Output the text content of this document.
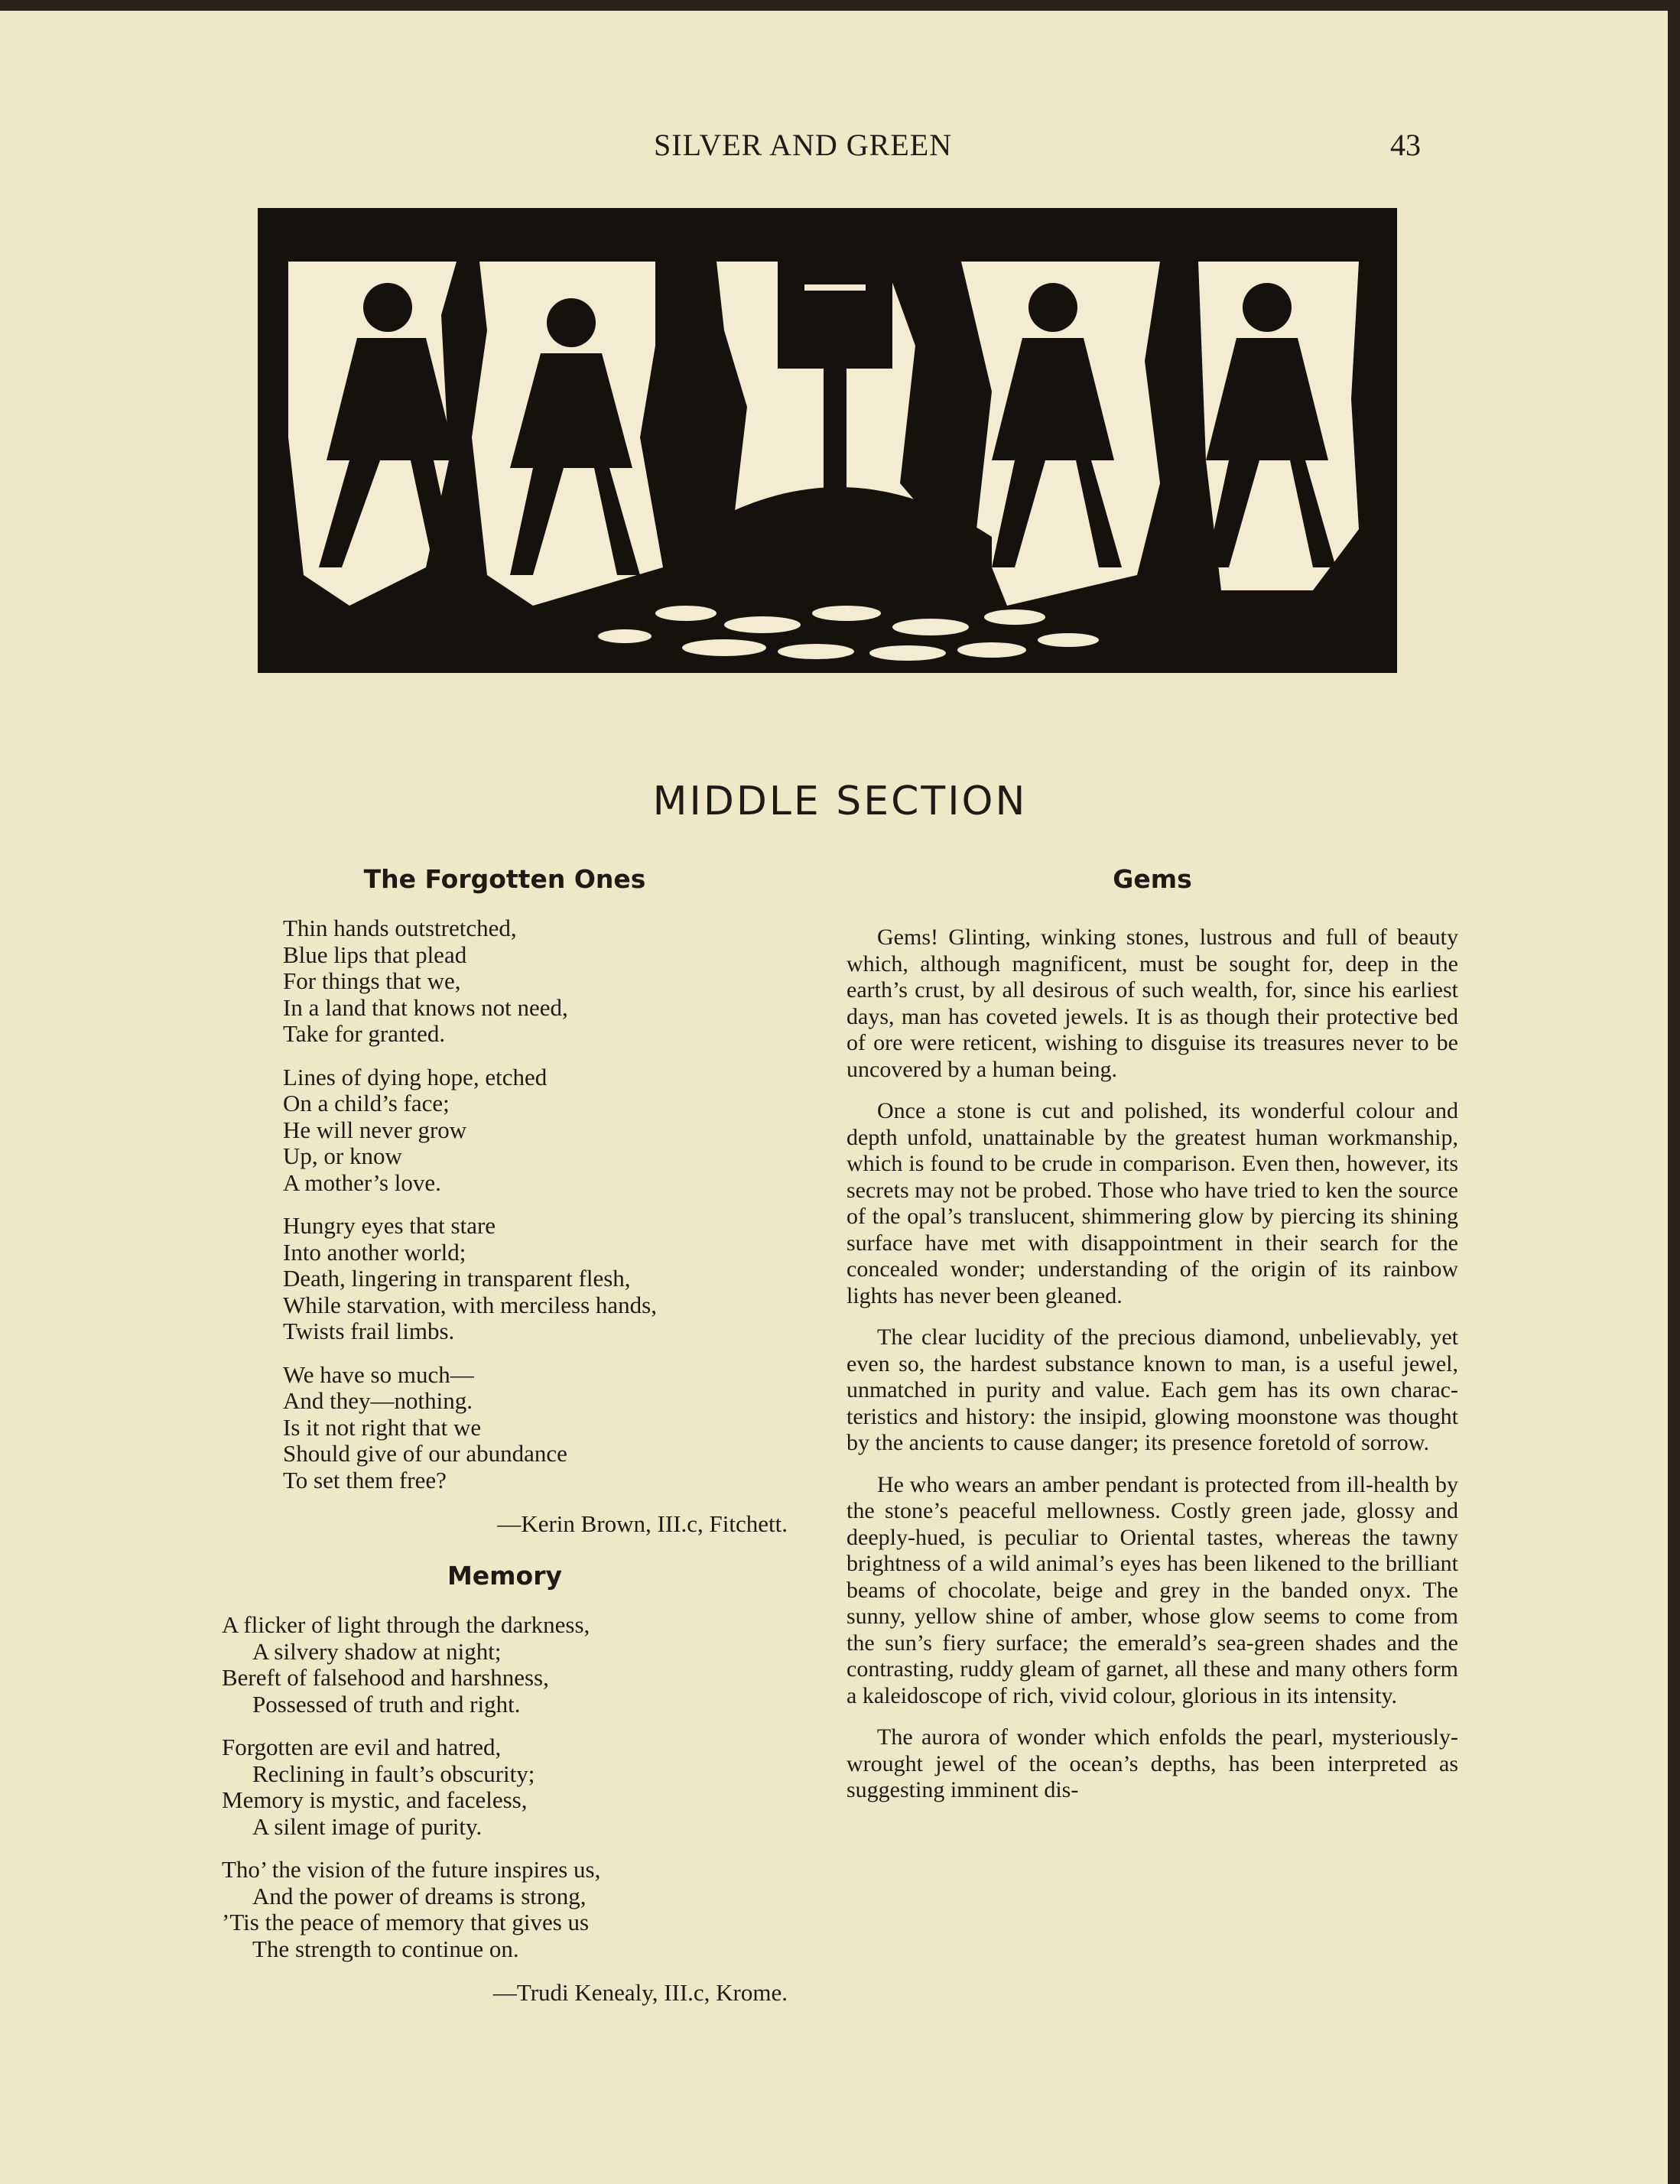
SILVER AND GREEN	43
MIDDLE SECTION
The Forgotten Ones
Thin hands outstretched,
Blue lips that plead
For things that we,
In a land that knows not need,
Take for granted.
Lines of dying hope, etched
On a child’s face;
He will never grow
Up, or know
A mother’s love.
Hungry eyes that stare
Into another world;
Death, lingering in transparent flesh,
While starvation, with merciless hands,
Twists frail limbs.
We have so much—
And they—nothing.
Is it not right that we
Should give of our abundance
To set them free?
—Kerin Brown, III.c, Fitchett.
Memory
A flicker of light through the darkness,
A silvery shadow at night;
Bereft of falsehood and harshness,
Possessed of truth and right.
Forgotten are evil and hatred,
Reclining in fault’s obscurity;
Memory is mystic, and faceless,
A silent image of purity.
Tho’ the vision of the future inspires us,
And the power of dreams is strong,
’Tis the peace of memory that gives us
The strength to continue on.
—Trudi Kenealy, III.c, Krome.
Gems

Gems! Glinting, winking stones, lustrous and full of beauty which, although magnificent, must be sought for, deep in the earth’s crust, by all desirous of such wealth, for, since his earliest days, man has coveted jewels. It is as though their protective bed of ore were reticent, wishing to disguise its treasures never to be uncovered by a human being.

Once a stone is cut and polished, its wonderful colour and depth unfold, unattainable by the greatest human workmanship, which is found to be crude in comparison. Even then, however, its secrets may not be probed. Those who have tried to ken the source of the opal’s translucent, shimmering glow by piercing its shining surface have met with disappointment in their search for the concealed wonder; understanding of the origin of its rainbow lights has never been gleaned.

The clear lucidity of the precious diamond, unbelievably, yet even so, the hardest substance known to man, is a useful jewel, unmatched in purity and value. Each gem has its own characteristics and history: the insipid, glowing moonstone was thought by the ancients to cause danger; its presence foretold of sorrow.

He who wears an amber pendant is protected from ill-health by the stone’s peaceful mellowness. Costly green jade, glossy and deeply-hued, is peculiar to Oriental tastes, whereas the tawny brightness of a wild animal’s eyes has been likened to the brilliant beams of chocolate, beige and grey in the banded onyx. The sunny, yellow shine of amber, whose glow seems to come from the sun’s fiery surface; the emerald’s sea-green shades and the contrasting, ruddy gleam of garnet, all these and many others form a kaleidoscope of rich, vivid colour, glorious in its intensity.

The aurora of wonder which enfolds the pearl, mysteriously-wrought jewel of the ocean’s depths, has been interpreted as suggesting imminent dis-
